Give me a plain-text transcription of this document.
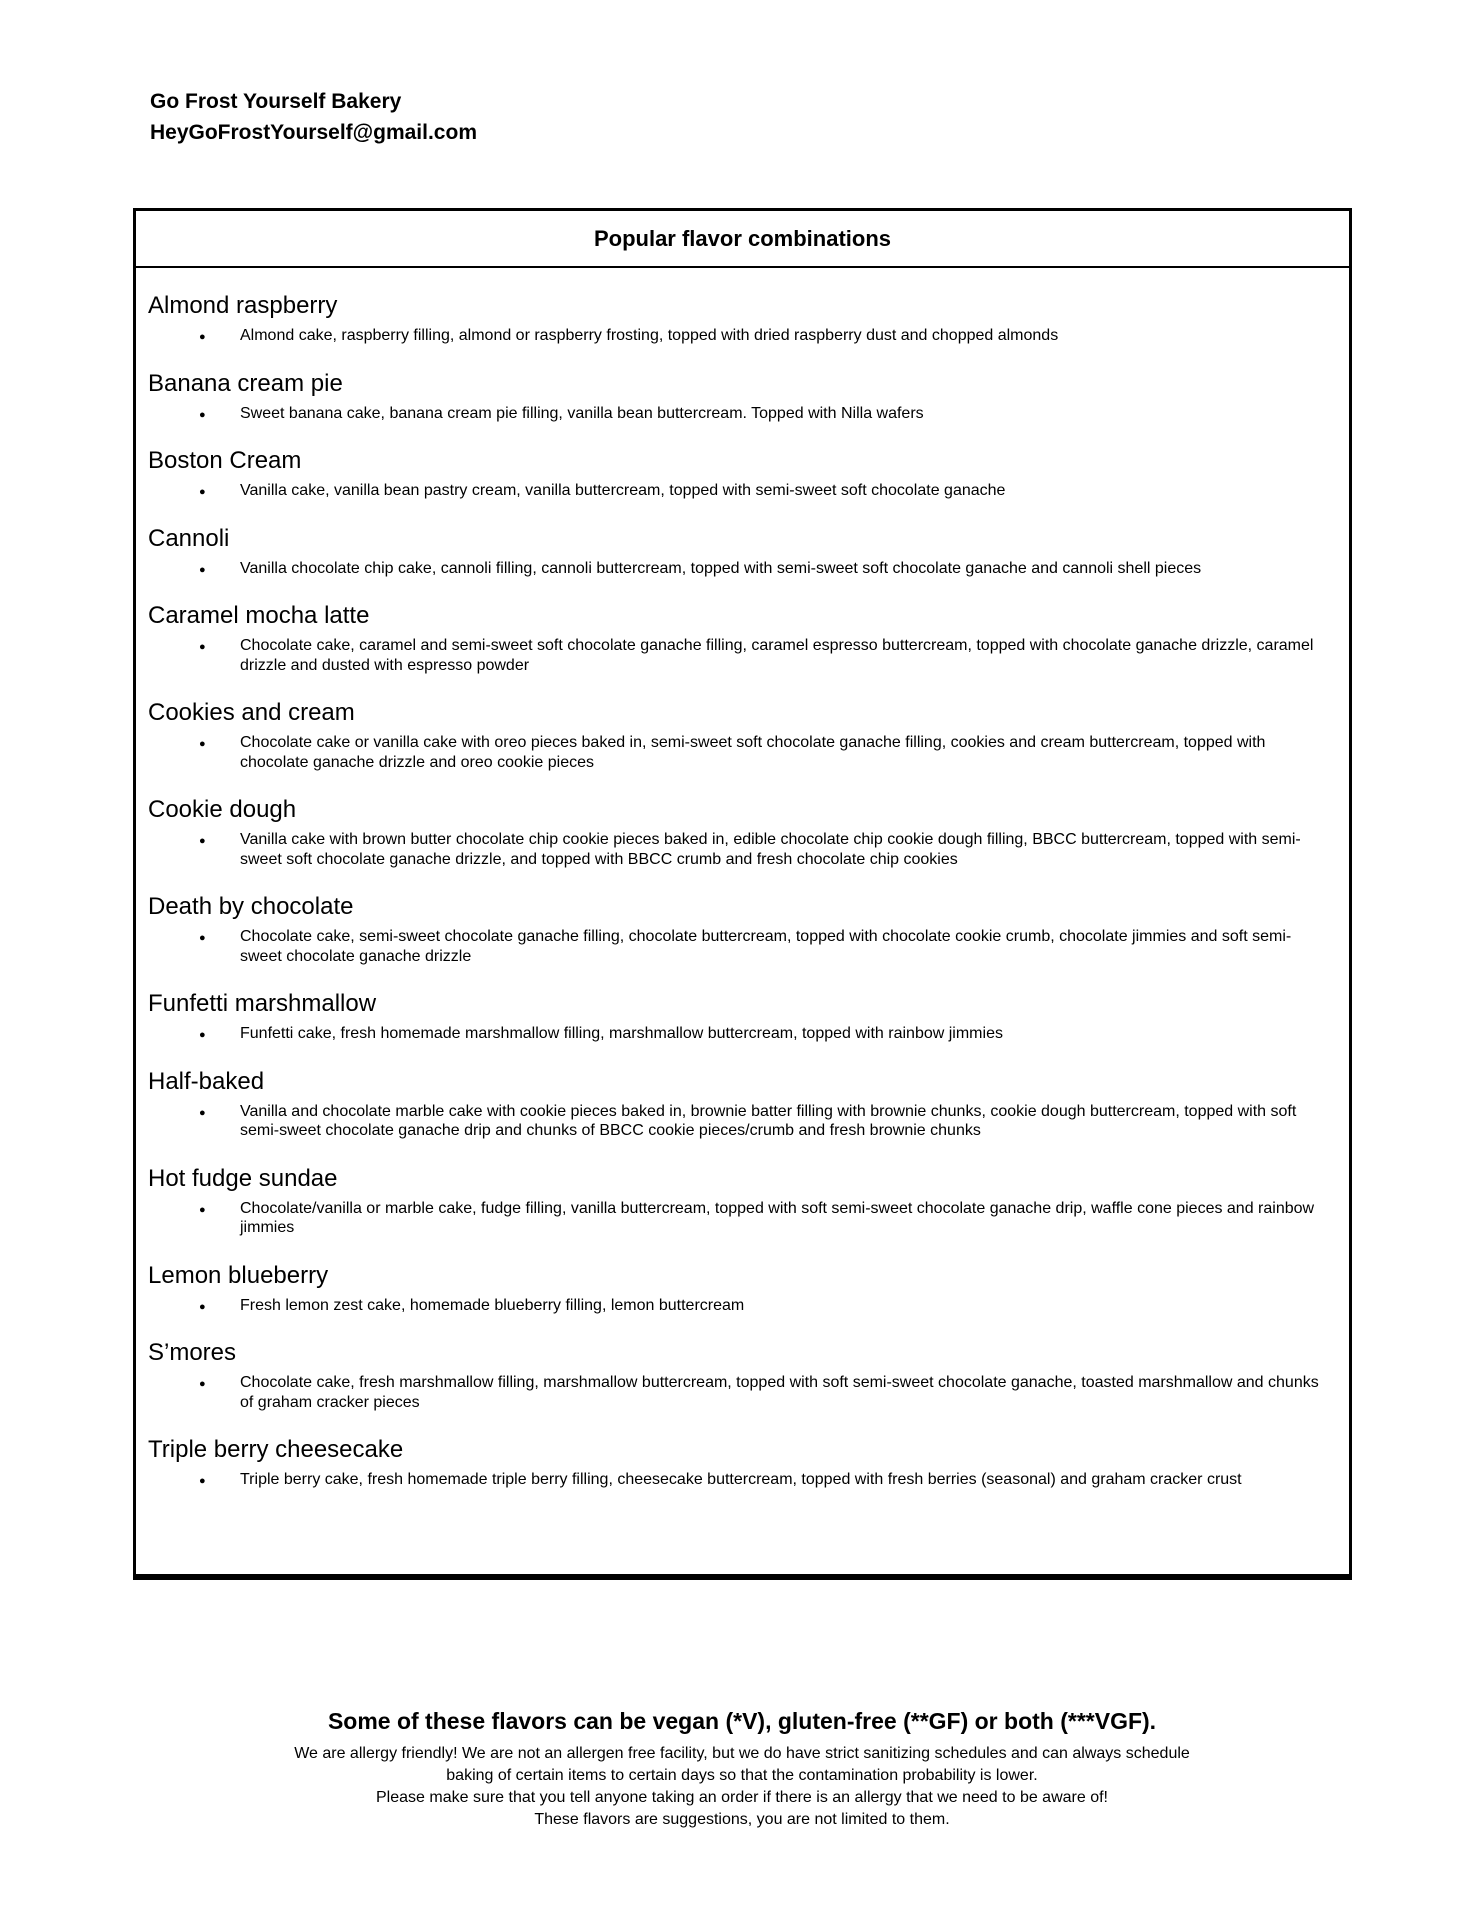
Go Frost Yourself Bakery
HeyGoFrostYourself@gmail.com
Popular flavor combinations
Almond raspberry
● Almond cake, raspberry filling, almond or raspberry frosting, topped with dried raspberry dust and chopped almonds
Banana cream pie
● Sweet banana cake, banana cream pie filling, vanilla bean buttercream. Topped with Nilla wafers
Boston Cream
● Vanilla cake, vanilla bean pastry cream, vanilla buttercream, topped with semi-sweet soft chocolate ganache
Cannoli
● Vanilla chocolate chip cake, cannoli filling, cannoli buttercream, topped with semi-sweet soft chocolate ganache and cannoli shell pieces
Caramel mocha latte
● Chocolate cake, caramel and semi-sweet soft chocolate ganache filling, caramel espresso buttercream, topped with chocolate ganache drizzle, caramel drizzle and dusted with espresso powder
Cookies and cream
● Chocolate cake or vanilla cake with oreo pieces baked in, semi-sweet soft chocolate ganache filling, cookies and cream buttercream, topped with chocolate ganache drizzle and oreo cookie pieces
Cookie dough
● Vanilla cake with brown butter chocolate chip cookie pieces baked in, edible chocolate chip cookie dough filling, BBCC buttercream, topped with semi-sweet soft chocolate ganache drizzle, and topped with BBCC crumb and fresh chocolate chip cookies
Death by chocolate
● Chocolate cake, semi-sweet chocolate ganache filling, chocolate buttercream, topped with chocolate cookie crumb, chocolate jimmies and soft semi-sweet chocolate ganache drizzle
Funfetti marshmallow
● Funfetti cake, fresh homemade marshmallow filling, marshmallow buttercream, topped with rainbow jimmies
Half-baked
● Vanilla and chocolate marble cake with cookie pieces baked in, brownie batter filling with brownie chunks, cookie dough buttercream, topped with soft semi-sweet chocolate ganache drip and chunks of BBCC cookie pieces/crumb and fresh brownie chunks
Hot fudge sundae
● Chocolate/vanilla or marble cake, fudge filling, vanilla buttercream, topped with soft semi-sweet chocolate ganache drip, waffle cone pieces and rainbow jimmies
Lemon blueberry
● Fresh lemon zest cake, homemade blueberry filling, lemon buttercream
S’mores
● Chocolate cake, fresh marshmallow filling, marshmallow buttercream, topped with soft semi-sweet chocolate ganache, toasted marshmallow and chunks of graham cracker pieces
Triple berry cheesecake
● Triple berry cake, fresh homemade triple berry filling, cheesecake buttercream, topped with fresh berries (seasonal) and graham cracker crust
Some of these flavors can be vegan (*V), gluten-free (**GF) or both (***VGF).
We are allergy friendly! We are not an allergen free facility, but we do have strict sanitizing schedules and can always schedule
baking of certain items to certain days so that the contamination probability is lower.
Please make sure that you tell anyone taking an order if there is an allergy that we need to be aware of!
These flavors are suggestions, you are not limited to them.
